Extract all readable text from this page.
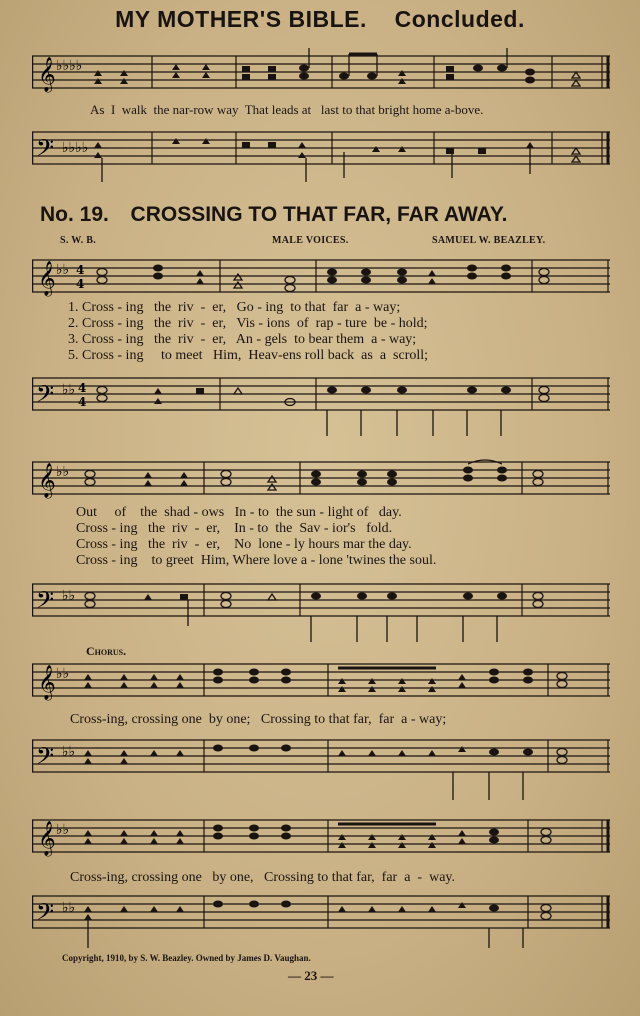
MY MOTHER'S BIBLE. Concluded.
𝄞 ♭♭♭♭
As  I  walk  the nar-row way  That leads at   last to that bright home a-bove.
𝄢 ♭♭♭♭
No. 19. CROSSING TO THAT FAR, FAR AWAY.
S. W. B.	MALE VOICES.	SAMUEL W. BEAZLEY.
𝄞 ♭♭ 4
4
1. Cross - ing   the  riv  -  er,   Go - ing  to that  far  a - way;
2. Cross - ing   the  riv  -  er,   Vis - ions  of  rap - ture  be - hold;
3. Cross - ing   the  riv  -  er,   An - gels  to bear them  a - way;
5. Cross - ing     to meet   Him,  Heav-ens roll back  as  a  scroll;
𝄢 ♭♭ 4
4
𝄞 ♭♭
Out     of    the  shad - ows   In - to  the sun - light of   day.
Cross - ing   the  riv  -  er,    In - to  the  Sav - ior's   fold.
Cross - ing   the  riv  -  er,    No  lone - ly hours mar the day.
Cross - ing    to greet  Him, Where love a - lone 'twines the soul.
𝄢 ♭♭
Chorus.
𝄞 ♭♭
Cross-ing, crossing one  by one;   Crossing to that far,  far  a - way;
𝄢 ♭♭
𝄞 ♭♭
Cross-ing, crossing one   by one,   Crossing to that far,  far  a  -  way.
𝄢 ♭♭
Copyright, 1910, by S. W. Beazley. Owned by James D. Vaughan.
— 23 —
